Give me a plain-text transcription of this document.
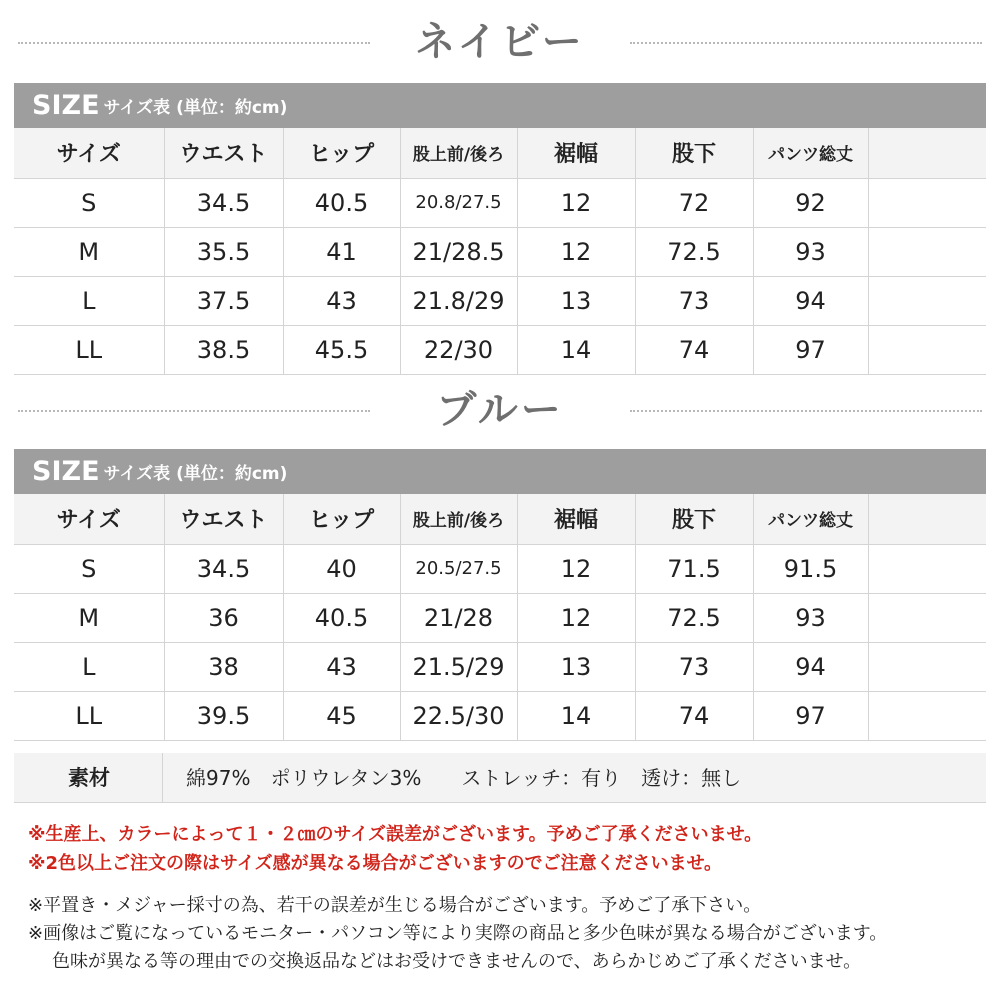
ネイビー
SIZE サイズ表 (単位：約cm)							
サイズ	ウエスト	ヒップ	股上前/後ろ	裾幅	股下	パンツ総丈	
S	34.5	40.5	20.8/27.5	12	72	92	
M	35.5	41	21/28.5	12	72.5	93	
L	37.5	43	21.8/29	13	73	94	
LL	38.5	45.5	22/30	14	74	97	
ブルー
SIZE サイズ表 (単位：約cm)							
サイズ	ウエスト	ヒップ	股上前/後ろ	裾幅	股下	パンツ総丈	
S	34.5	40	20.5/27.5	12	71.5	91.5	
M	36	40.5	21/28	12	72.5	93	
L	38	43	21.5/29	13	73	94	
LL	39.5	45	22.5/30	14	74	97	
素材	綿97%　ポリウレタン3%　　ストレッチ：有り　透け：無し
※生産上、カラーによって１・２㎝のサイズ誤差がございます。予めご了承くださいませ。
※2色以上ご注文の際はサイズ感が異なる場合がございますのでご注意くださいませ。
※平置き・メジャー採寸の為、若干の誤差が生じる場合がございます。予めご了承下さい。
※画像はご覧になっているモニター・パソコン等により実際の商品と多少色味が異なる場合がございます。
色味が異なる等の理由での交換返品などはお受けできませんので、あらかじめご了承くださいませ。
